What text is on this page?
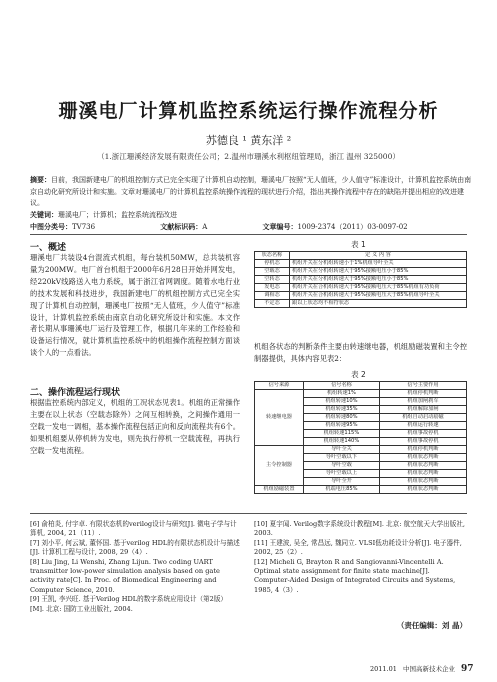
珊溪电厂计算机监控系统运行操作流程分析
苏德良 ¹ 黄东洋 ²
（1.浙江珊溪经济发展有限责任公司；2.温州市珊溪水利枢纽管理局，浙江 温州 325000）
摘要：目前，我国新建电厂的机组控制方式已完全实现了计算机自动控制，珊溪电厂按照“无人值班，少人值守”标准设计，计算机监控系统由南京自动化研究所设计和实施。文章对珊溪电厂的计算机监控系统操作流程的现状进行介绍，指出其操作流程中存在的缺陷并提出相应的改进建议。
关键词：珊溪电厂；计算机；监控系统流程改进
中图分类号：TV736	文献标识码：A	文章编号：1009-2374（2011）03-0097-02
一、概述
珊溪电厂共装设4台混流式机组，每台装机50MW，总共装机容量为200MW。电厂首台机组于2000年6月28日开始并网发电，经220kV线路送入电力系统，属于浙江省网调度。随着水电行业的技术发展和科技进步，我国新建电厂的机组控制方式已完全实现了计算机自动控制，珊溪电厂按照“无人值班，少人值守”标准设计，计算机监控系统由南京自动化研究所设计和实施。本文作者长期从事珊溪电厂运行及管理工作，根据几年来的工作经验和设备运行情况，就计算机监控系统中的机组操作流程控制方面谈谈个人的一点看法。
二、操作流程运行现状
根据监控系统内部定义，机组的工况状态见表1。机组的正常操作主要在以上状态（空载态除外）之间互相转换，之间操作通用一空载一发电一调相，基本操作流程包括正向和反向流程共有6个。如果机组要从停机转为发电，则先执行停机一空载流程，再执行空载一发电流程。
表 1
状态名称	定 义 内 容
停机态	机组开关在分机组转速小于1%机组导叶全关
空载态	机组开关在分机组转速大于95%接额电压小于85%
空转态	机组开关在分机组转速大于95%接额电压小于85%
发电态	机组开关在合机组转速大于95%接额电压大于85%机组有功负荷
调相态	机组开关在合机组转速大于95%接额电压大于85%机组导叶全关
不定态	跟以上状态均不相符状态
机组各状态的判断条件主要由转速继电器，机组励磁装置和主令控制器提供，具体内容见表2：
表 2
信号来源	信号名称	信号主要作用
转速继电器	机组转速1%	机组停机判断
	机组转速10%	机组加闸刹车
	机组转速35%	机组解除加闸
	机组转速80%	机组自动启动励磁
	机组转速95%	机组运行转速
	机组转速115%	机组事故停机
	机组转速140%	机组事故停机
主令控制器	导叶全关	机组停机判断
	导叶空载以下	机组状态判断
	导叶空载	机组状态判断
	导叶空载以上	机组状态判断
	导叶全开	机组状态判断
机组励磁装置	机端电压85%	机组状态判断

[6] 俞柏炎, 付宇卓. 有限状态机的verilog设计与研究[J]. 微电子学与计算机, 2004, 21（11）.

[7] 刘小平, 何云斌, 董怀国. 基于verilog HDL的有限状态机设计与描述[J]. 计算机工程与设计, 2008, 29（4）.

[8] Liu Jing, Li Wenshi, Zhang Lijun. Two coding UART transmitter low-power simulation analysis based on gate activity rate[C]. In Proc. of Biomedical Engineering and Computer Science, 2010.

[9] 王凯, 李兴旺. 基于Verilog HDL的数字系统应用设计（第2版）[M]. 北京: 国防工业出版社, 2004.

[10] 夏宇闻. Verilog数字系统设计教程[M]. 北京: 航空航天大学出版社, 2003.

[11] 王建波, 吴全, 常昌远, 魏同立. VLSI低功耗设计分析[J]. 电子器件, 2002, 25（2）.

[12] Micheli G, Brayton R and Sangiovanni-Vincentelli A. Optimal state assignment for finite state machine[J]. Computer-Aided Design of Integrated Circuits and Systems, 1985, 4（3）.

（责任编辑：刘 晶）
2011.01 中国高新技术企业 97
